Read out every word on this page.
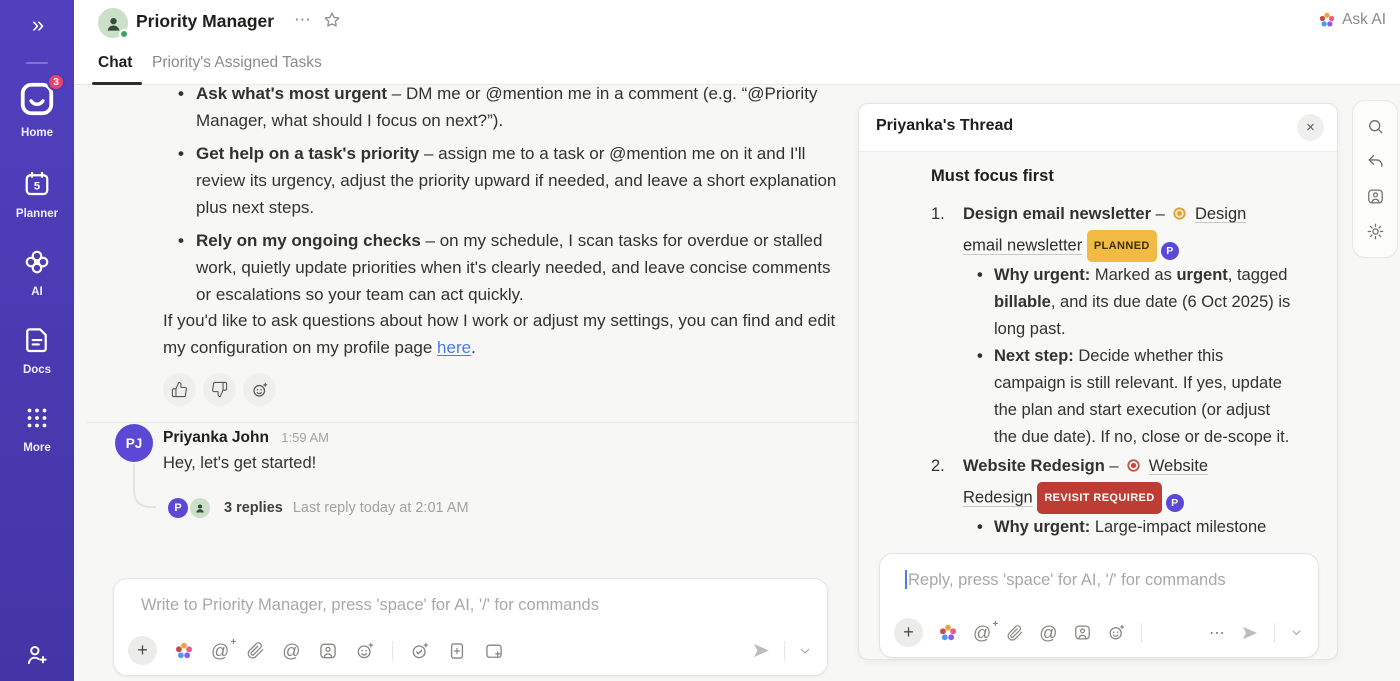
»
3
Home
Planner
AI
Docs
More
Priority Manager ⋯	Ask AI
Chat Priority's Assigned Tasks
• Ask what's most urgent – DM me or @mention me in a comment (e.g. “@Priority Manager, what should I focus on next?”).
• Get help on a task's priority – assign me to a task or @mention me on it and I'll review its urgency, adjust the priority upward if needed, and leave a short explanation plus next steps.
• Rely on my ongoing checks – on my schedule, I scan tasks for overdue or stalled work, quietly update priorities when it's clearly needed, and leave concise comments or escalations so your team can act quickly.
If you'd like to ask questions about how I work or adjust my settings, you can find and edit my configuration on my profile page here.
PJ	Priyanka John 1:59 AM
Hey, let's get started!
P	3 replies Last reply today at 2:01 AM
Write to Priority Manager, press 'space' for AI, '/' for commands
+	@ +	@
Priyanka's Thread	×
Must focus first
1.	Design email newsletter –  Design email newsletter PLANNED P
• Why urgent: Marked as urgent, tagged billable, and its due date (6 Oct 2025) is long past.
• Next step: Decide whether this campaign is still relevant. If yes, update the plan and start execution (or adjust the due date). If no, close or de-scope it.
2.	Website Redesign –  Website Redesign REVISIT REQUIRED P
• Why urgent: Large-impact milestone
Reply, press 'space' for AI, '/' for commands
+	@ + @	⋯
